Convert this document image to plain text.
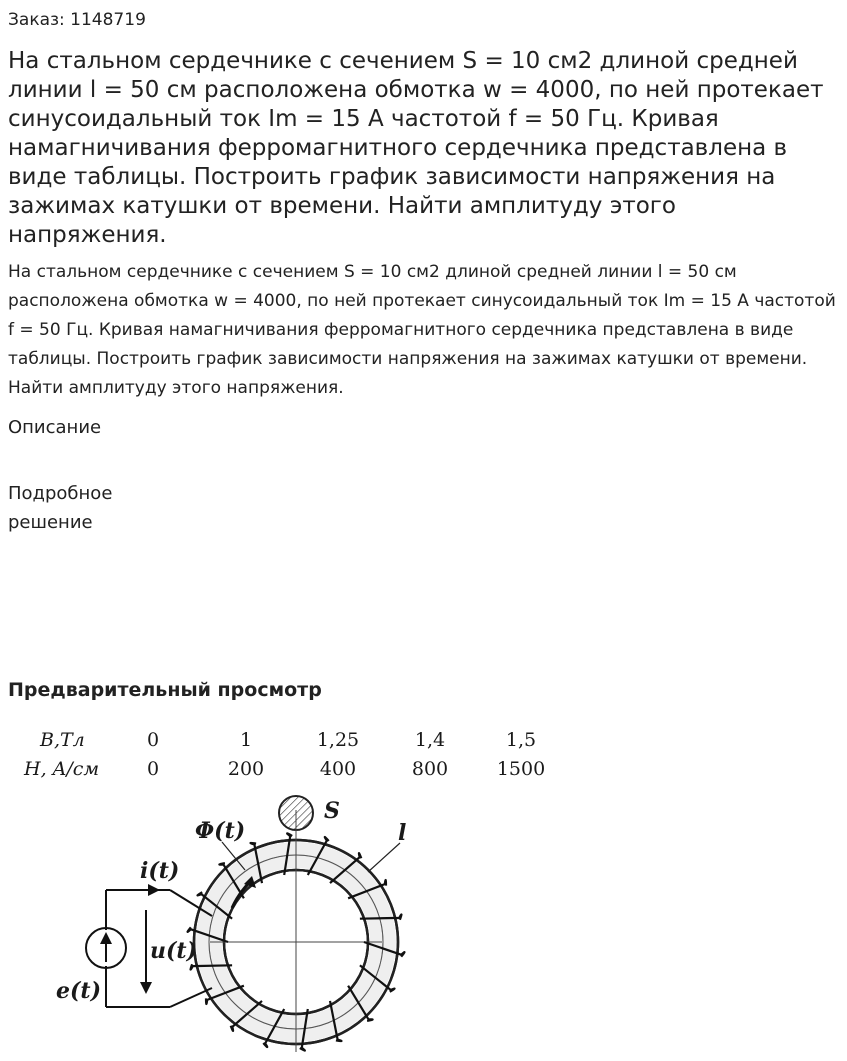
Заказ: 1148719

На стальном сердечнике с сечением S = 10 см2 длиной средней линии l = 50 см расположена обмотка w = 4000, по ней протекает синусоидальный ток Im = 15 А частотой f = 50 Гц. Кривая намагничивания ферромагнитного сердечника представлена в виде таблицы. Построить график зависимости напряжения на зажимах катушки от времени. Найти амплитуду этого напряжения.

На стальном сердечнике с сечением S = 10 см2 длиной средней линии l = 50 см расположена обмотка w = 4000, по ней протекает синусоидальный ток Im = 15 А частотой f = 50 Гц. Кривая намагничивания ферромагнитного сердечника представлена в виде таблицы. Построить график зависимости напряжения на зажимах катушки от времени. Найти амплитуду этого напряжения.

Описание

Подробное решение

Предварительный просмотр
B,Тл	0	1	1,25	1,4	1,5
H, A/см	0	200	400	800	1500
S
Φ(t)	l
i(t)
u(t)
e(t)
